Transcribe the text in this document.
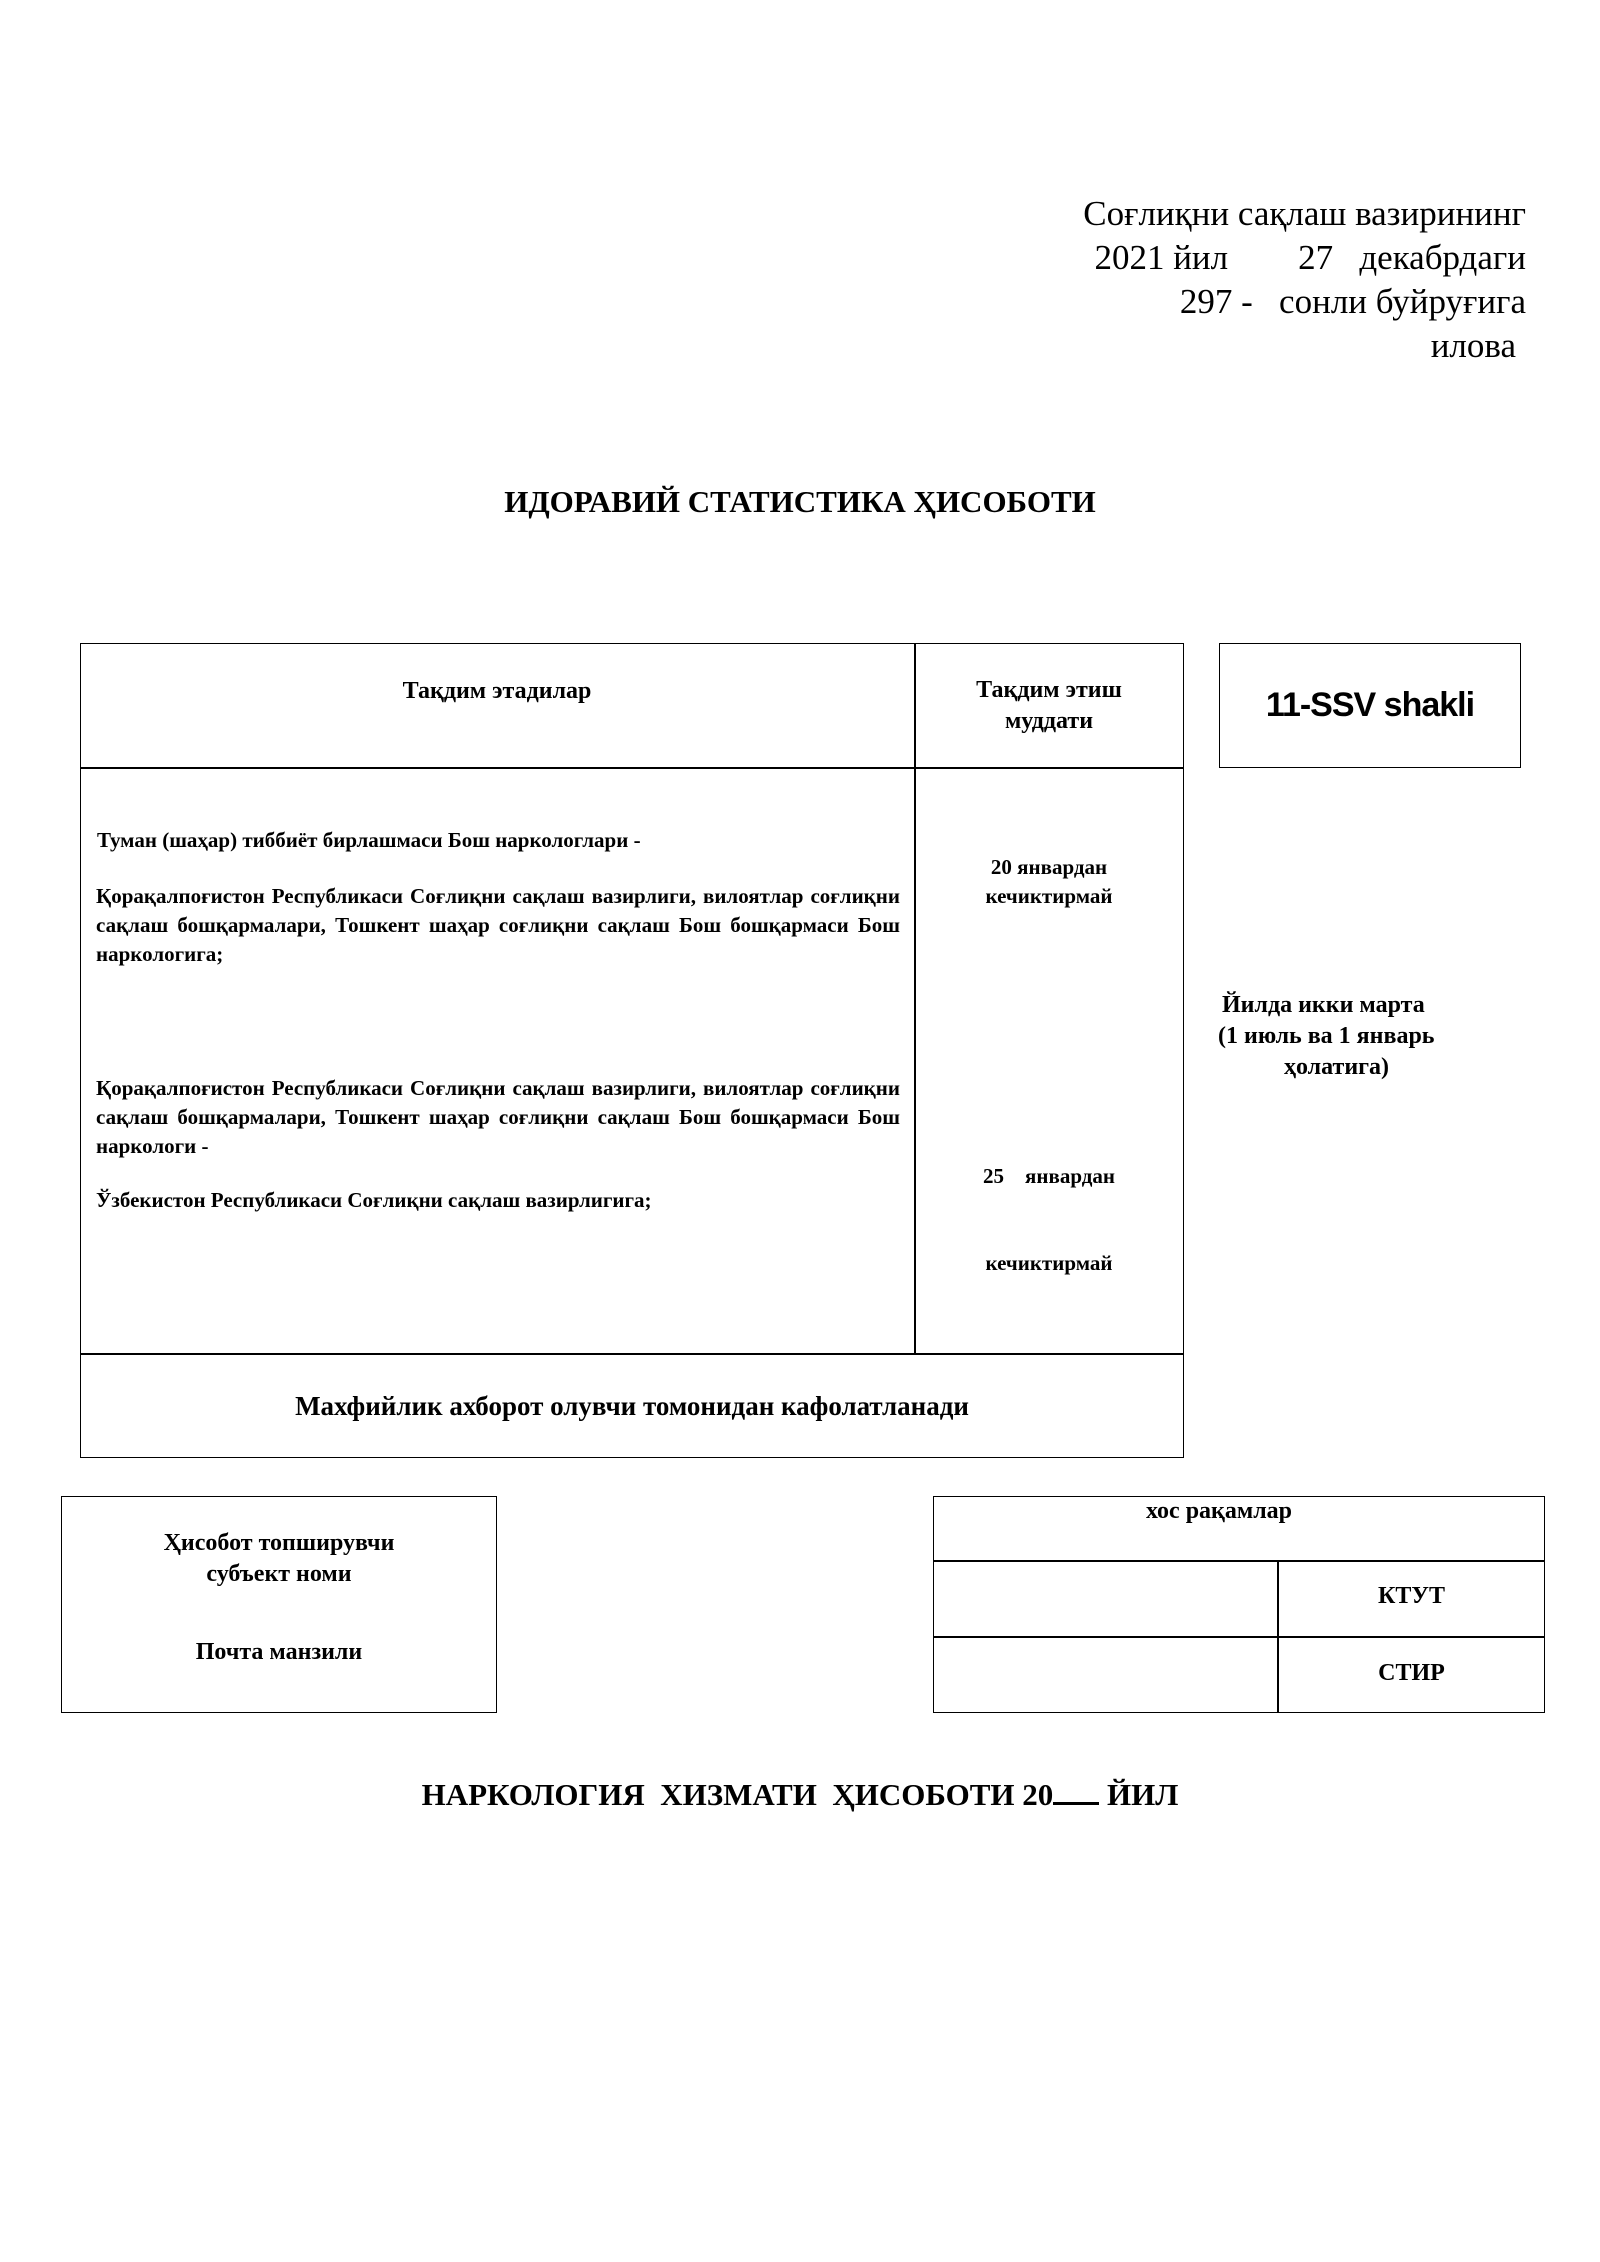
Соғлиқни сақлаш вазирининг
2021 йил        27   декабрдаги
297 -   сонли буйруғига
илова
ИДОРАВИЙ СТАТИСТИКА ҲИСОБОТИ
Тақдим этадилар	Тақдим этиш
муддати
Туман (шаҳар) тиббиёт бирлашмаси Бош наркологлари -
Қорақалпоғистон Республикаси Соғлиқни сақлаш вазирлиги, вилоятлар соғлиқни сақлаш бошқармалари, Тошкент шаҳар соғлиқни сақлаш Бош бошқармаси Бош наркологига;
20 январдан
кечиктирмай
Қорақалпоғистон Республикаси Соғлиқни сақлаш вазирлиги, вилоятлар соғлиқни сақлаш бошқармалари, Тошкент шаҳар соғлиқни сақлаш Бош бошқармаси Бош наркологи -
Ўзбекистон Республикаси Соғлиқни сақлаш вазирлигига;

25    январдан

кечиктирмай

Махфийлик ахборот олувчи томонидан кафолатланади
11-SSV shakli
Йилда икки марта
(1 июль ва 1 январь
ҳолатига)
Ҳисобот топширувчи
субъект номи
Почта манзили
хос рақамлар
КТУТ
СТИР
НАРКОЛОГИЯ  ХИЗМАТИ  ҲИСОБОТИ 20 ЙИЛ
